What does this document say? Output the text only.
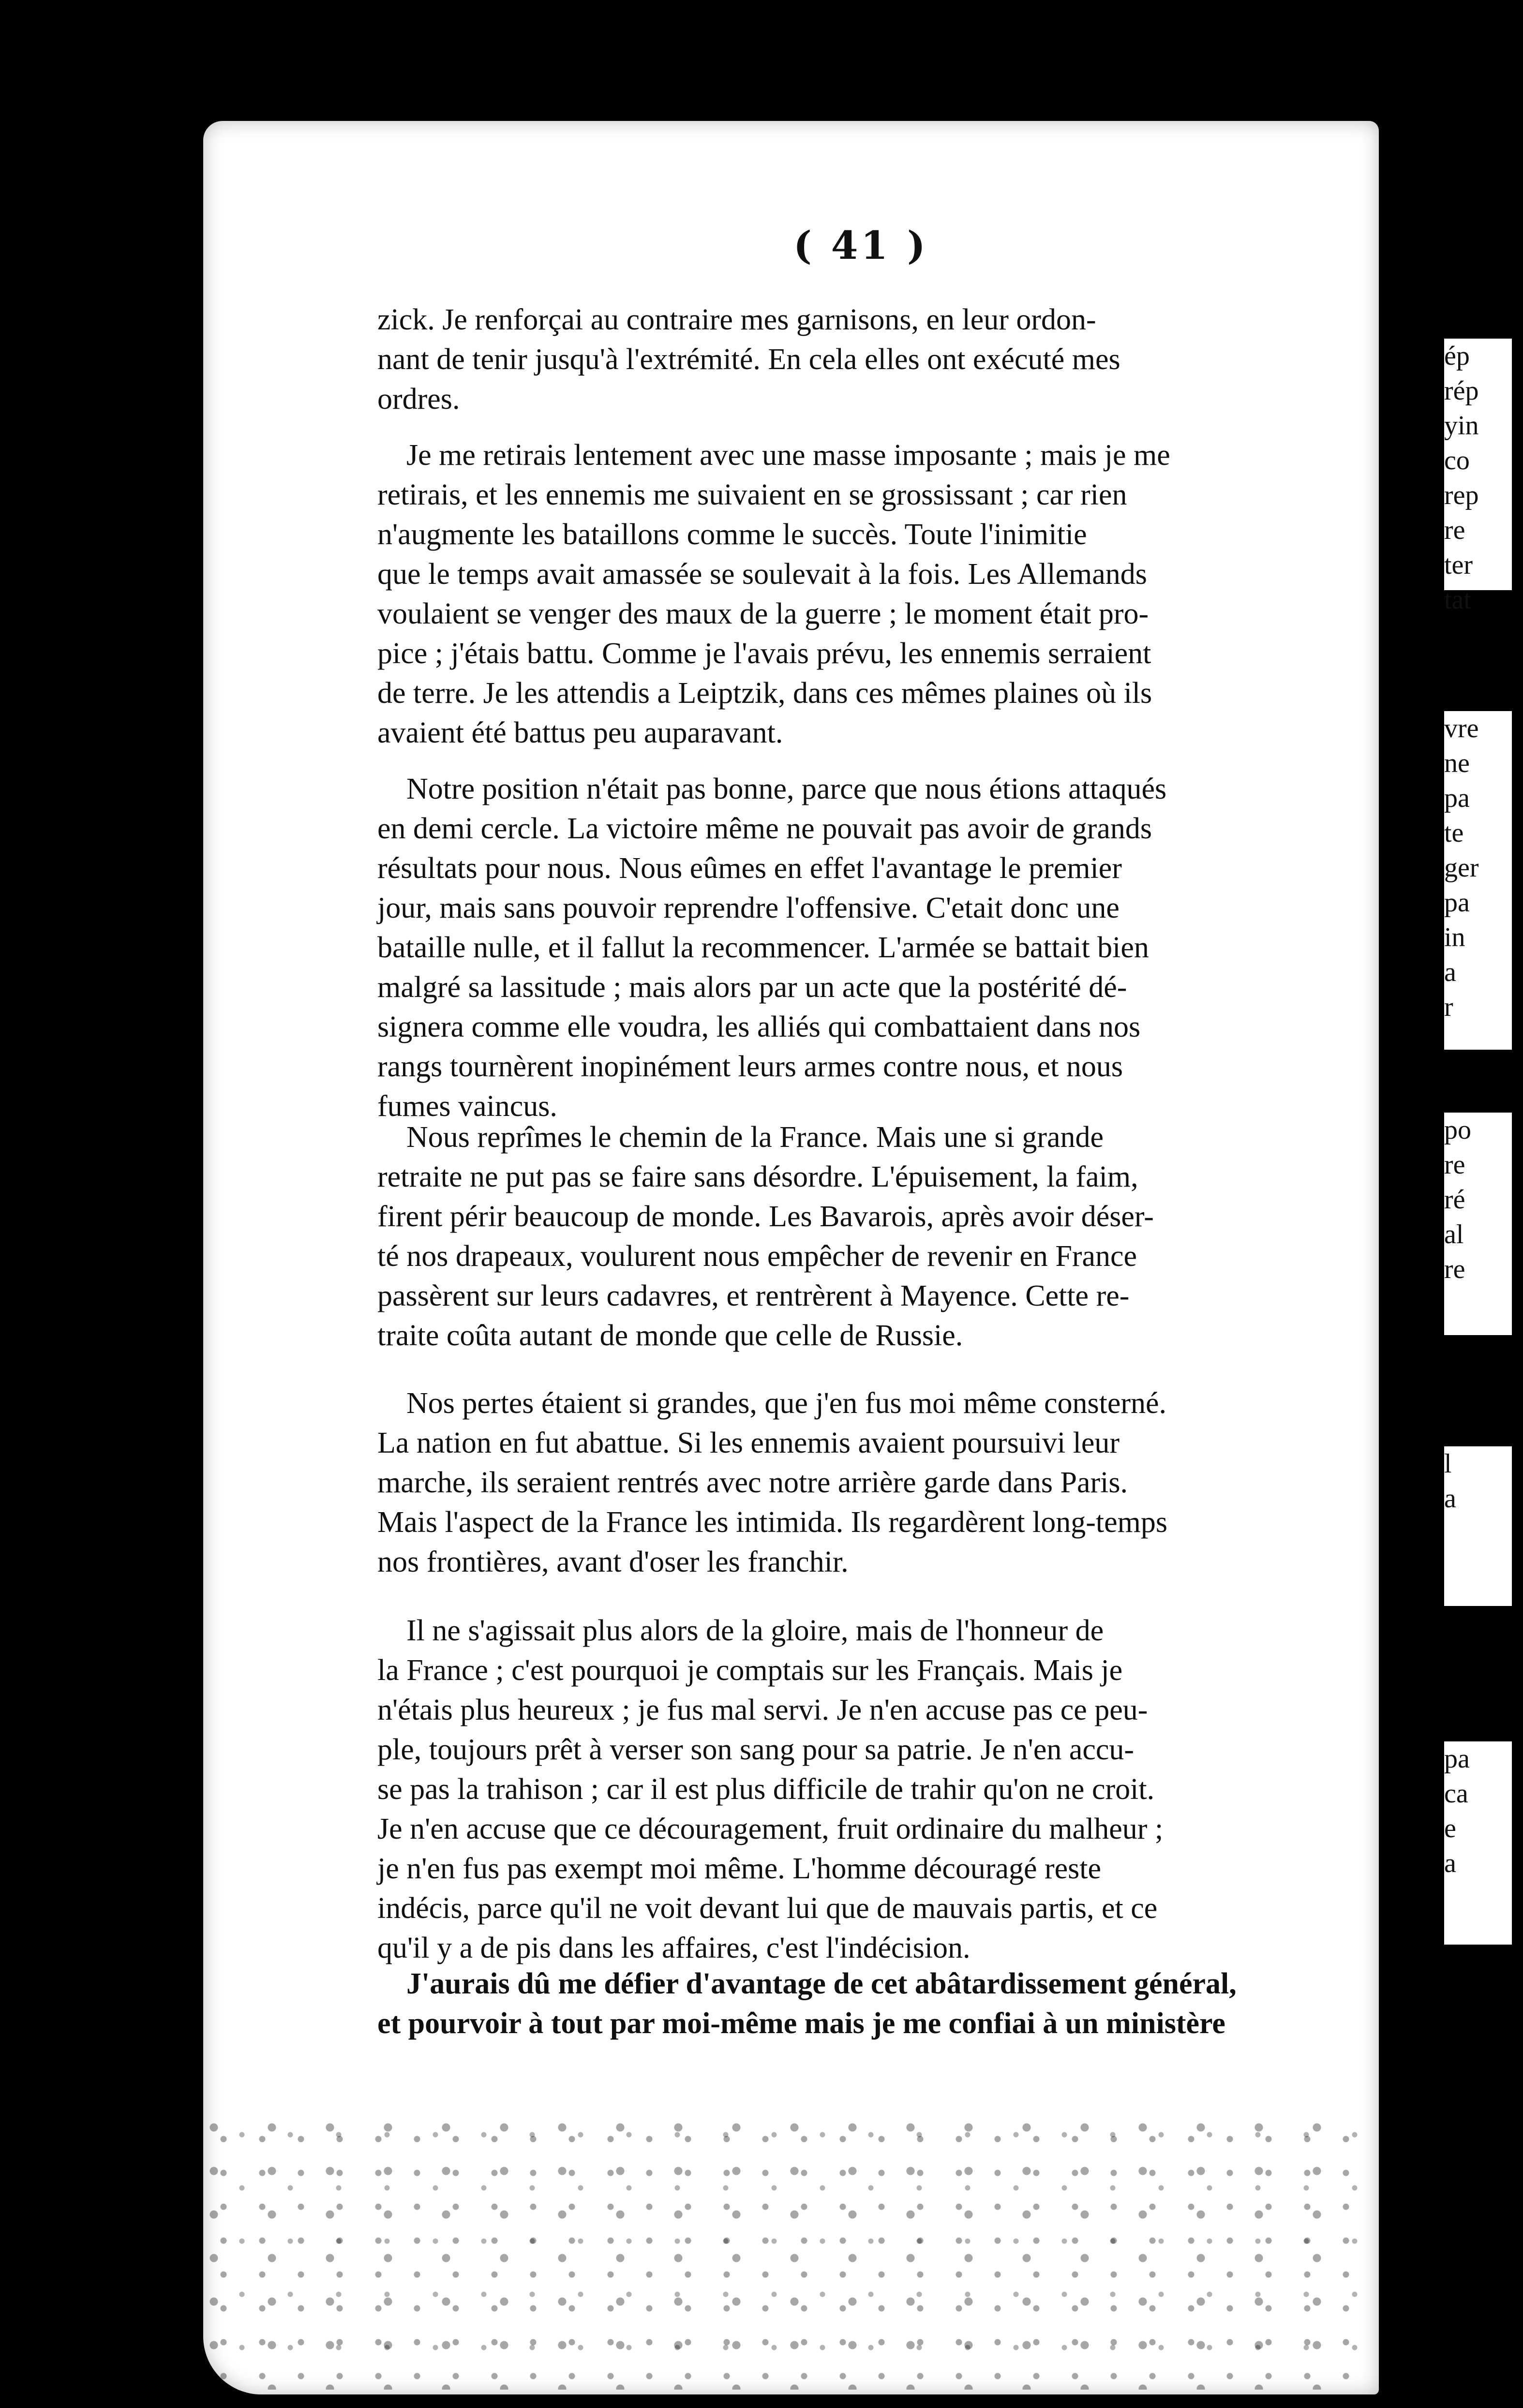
( 41 )
zick. Je renforçai au contraire mes garnisons, en leur ordon-
nant de tenir jusqu'à l'extrémité. En cela elles ont exécuté mes
ordres.
Je me retirais lentement avec une masse imposante ; mais je me
retirais, et les ennemis me suivaient en se grossissant ; car rien
n'augmente les bataillons comme le succès. Toute l'inimitie
que le temps avait amassée se soulevait à la fois. Les Allemands
voulaient se venger des maux de la guerre ; le moment était pro-
pice ; j'étais battu. Comme je l'avais prévu, les ennemis serraient
de terre. Je les attendis a Leiptzik, dans ces mêmes plaines où ils
avaient été battus peu auparavant.
Notre position n'était pas bonne, parce que nous étions attaqués
en demi cercle. La victoire même ne pouvait pas avoir de grands
résultats pour nous. Nous eûmes en effet l'avantage le premier
jour, mais sans pouvoir reprendre l'offensive. C'etait donc une
bataille nulle, et il fallut la recommencer. L'armée se battait bien
malgré sa lassitude ; mais alors par un acte que la postérité dé-
signera comme elle voudra, les alliés qui combattaient dans nos
rangs tournèrent inopinément leurs armes contre nous, et nous
fumes vaincus.
Nous reprîmes le chemin de la France. Mais une si grande
retraite ne put pas se faire sans désordre. L'épuisement, la faim,
firent périr beaucoup de monde. Les Bavarois, après avoir déser-
té nos drapeaux, voulurent nous empêcher de revenir en France
passèrent sur leurs cadavres, et rentrèrent à Mayence. Cette re-
traite coûta autant de monde que celle de Russie.
Nos pertes étaient si grandes, que j'en fus moi même consterné.
La nation en fut abattue. Si les ennemis avaient poursuivi leur
marche, ils seraient rentrés avec notre arrière garde dans Paris.
Mais l'aspect de la France les intimida. Ils regardèrent long-temps
nos frontières, avant d'oser les franchir.
Il ne s'agissait plus alors de la gloire, mais de l'honneur de
la France ; c'est pourquoi je comptais sur les Français. Mais je
n'étais plus heureux ; je fus mal servi. Je n'en accuse pas ce peu-
ple, toujours prêt à verser son sang pour sa patrie. Je n'en accu-
se pas la trahison ; car il est plus difficile de trahir qu'on ne croit.
Je n'en accuse que ce découragement, fruit ordinaire du malheur ;
je n'en fus pas exempt moi même. L'homme découragé reste
indécis, parce qu'il ne voit devant lui que de mauvais partis, et ce
qu'il y a de pis dans les affaires, c'est l'indécision.
J'aurais dû me défier d'avantage de cet abâtardissement général,
et pourvoir à tout par moi-même mais je me confiai à un ministère
ép
rép
yin
co
rep
re
ter
tat
vre
ne
pa
te
ger
pa
in
a
r
po
re
ré
al
re
l
a
pa
ca
e
a
